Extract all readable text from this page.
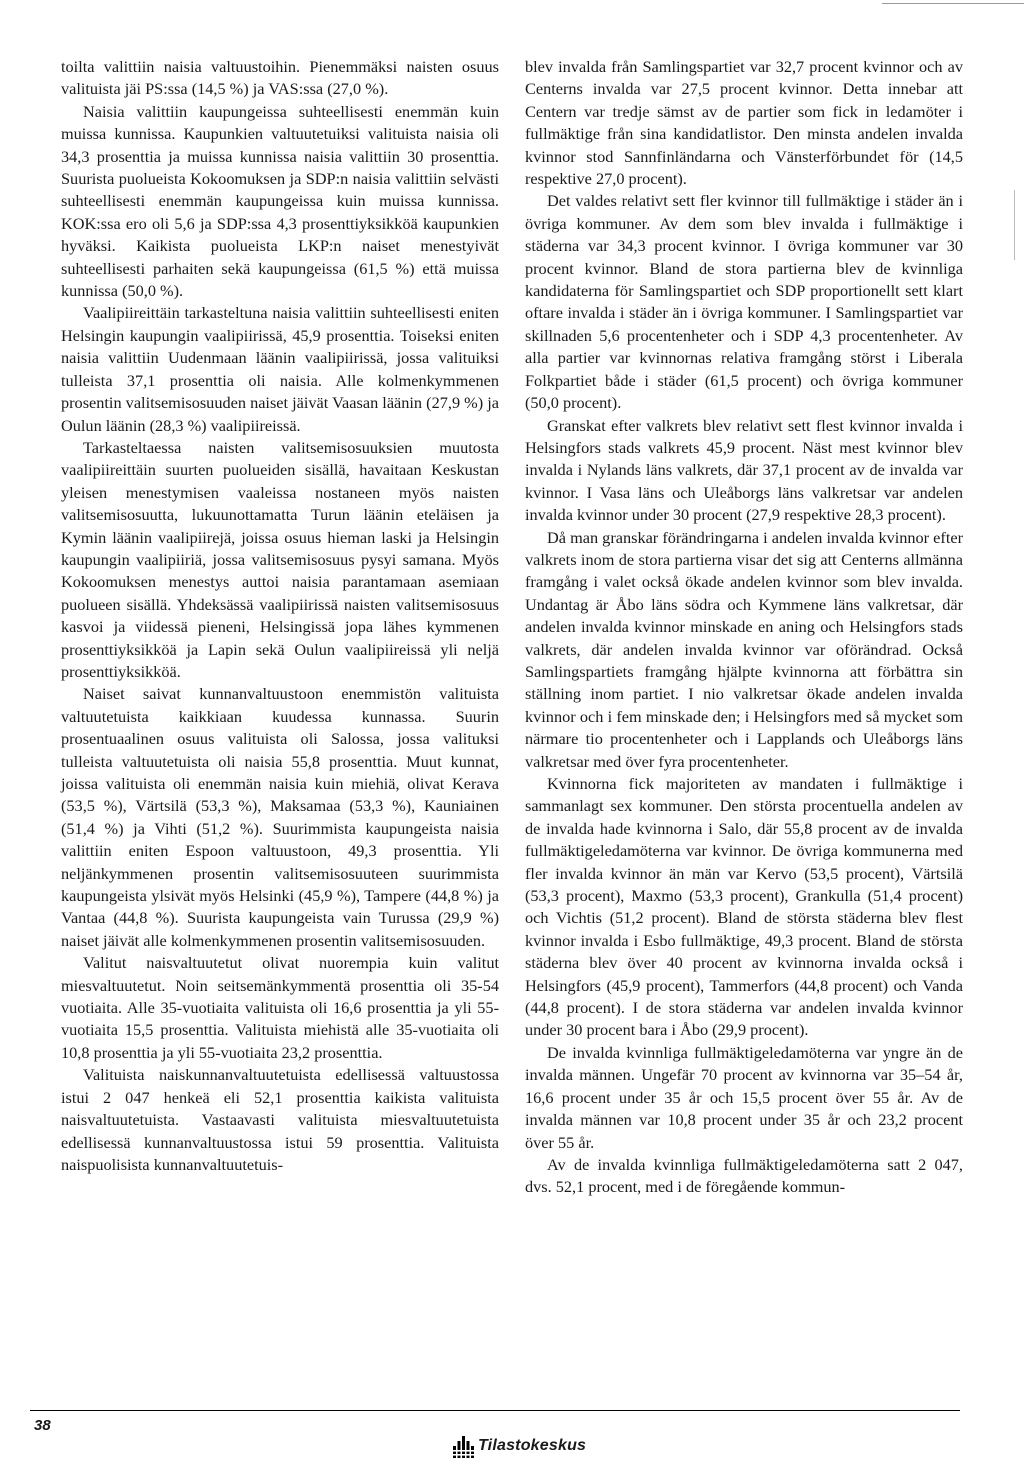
toilta valittiin naisia valtuustoihin. Pienemmäksi naisten osuus valituista jäi PS:ssa (14,5 %) ja VAS:ssa (27,0 %).

Naisia valittiin kaupungeissa suhteellisesti enemmän kuin muissa kunnissa. Kaupunkien valtuutetuiksi valituista naisia oli 34,3 prosenttia ja muissa kunnissa naisia valittiin 30 prosenttia. Suurista puolueista Kokoomuksen ja SDP:n naisia valittiin selvästi suhteellisesti enemmän kaupungeissa kuin muissa kunnissa. KOK:ssa ero oli 5,6 ja SDP:ssa 4,3 prosenttiyksikköä kaupunkien hyväksi. Kaikista puolueista LKP:n naiset menestyivät suhteellisesti parhaiten sekä kaupungeissa (61,5 %) että muissa kunnissa (50,0 %).

Vaalipiireittäin tarkasteltuna naisia valittiin suhteellisesti eniten Helsingin kaupungin vaalipiirissä, 45,9 prosenttia. Toiseksi eniten naisia valittiin Uudenmaan läänin vaalipiirissä, jossa valituiksi tulleista 37,1 prosenttia oli naisia. Alle kolmenkymmenen prosentin valitsemisosuuden naiset jäivät Vaasan läänin (27,9 %) ja Oulun läänin (28,3 %) vaalipiireissä.

Tarkasteltaessa naisten valitsemisosuuksien muutosta vaalipiireittäin suurten puolueiden sisällä, havaitaan Keskustan yleisen menestymisen vaaleissa nostaneen myös naisten valitsemisosuutta, lukuunottamatta Turun läänin eteläisen ja Kymin läänin vaalipiirejä, joissa osuus hieman laski ja Helsingin kaupungin vaalipiiriä, jossa valitsemisosuus pysyi samana. Myös Kokoomuksen menestys auttoi naisia parantamaan asemiaan puolueen sisällä. Yhdeksässä vaalipiirissä naisten valitsemisosuus kasvoi ja viidessä pieneni, Helsingissä jopa lähes kymmenen prosenttiyksikköä ja Lapin sekä Oulun vaalipiireissä yli neljä prosenttiyksikköä.

Naiset saivat kunnanvaltuustoon enemmistön valituista valtuutetuista kaikkiaan kuudessa kunnassa. Suurin prosentuaalinen osuus valituista oli Salossa, jossa valituksi tulleista valtuutetuista oli naisia 55,8 prosenttia. Muut kunnat, joissa valituista oli enemmän naisia kuin miehiä, olivat Kerava (53,5 %), Värtsilä (53,3 %), Maksamaa (53,3 %), Kauniainen (51,4 %) ja Vihti (51,2 %). Suurimmista kaupungeista naisia valittiin eniten Espoon valtuustoon, 49,3 prosenttia. Yli neljänkymmenen prosentin valitsemisosuuteen suurimmista kaupungeista ylsivät myös Helsinki (45,9 %), Tampere (44,8 %) ja Vantaa (44,8 %). Suurista kaupungeista vain Turussa (29,9 %) naiset jäivät alle kolmenkymmenen prosentin valitsemisosuuden.

Valitut naisvaltuutetut olivat nuorempia kuin valitut miesvaltuutetut. Noin seitsemänkymmentä prosenttia oli 35-54 vuotiaita. Alle 35-vuotiaita valituista oli 16,6 prosenttia ja yli 55-vuotiaita 15,5 prosenttia. Valituista miehistä alle 35-vuotiaita oli 10,8 prosenttia ja yli 55-vuotiaita 23,2 prosenttia.

Valituista naiskunnanvaltuutetuista edellisessä valtuustossa istui 2 047 henkeä eli 52,1 prosenttia kaikista valituista naisvaltuutetuista. Vastaavasti valituista miesvaltuutetuista edellisessä kunnanvaltuustossa istui 59 prosenttia. Valituista naispuolisista kunnanvaltuutetuis-

blev invalda från Samlingspartiet var 32,7 procent kvinnor och av Centerns invalda var 27,5 procent kvinnor. Detta innebar att Centern var tredje sämst av de partier som fick in ledamöter i fullmäktige från sina kandidatlistor. Den minsta andelen invalda kvinnor stod Sannfinländarna och Vänsterförbundet för (14,5 respektive 27,0 procent).

Det valdes relativt sett fler kvinnor till fullmäktige i städer än i övriga kommuner. Av dem som blev invalda i fullmäktige i städerna var 34,3 procent kvinnor. I övriga kommuner var 30 procent kvinnor. Bland de stora partierna blev de kvinnliga kandidaterna för Samlingspartiet och SDP proportionellt sett klart oftare invalda i städer än i övriga kommuner. I Samlingspartiet var skillnaden 5,6 procentenheter och i SDP 4,3 procentenheter. Av alla partier var kvinnornas relativa framgång störst i Liberala Folkpartiet både i städer (61,5 procent) och övriga kommuner (50,0 procent).

Granskat efter valkrets blev relativt sett flest kvinnor invalda i Helsingfors stads valkrets 45,9 procent. Näst mest kvinnor blev invalda i Nylands läns valkrets, där 37,1 procent av de invalda var kvinnor. I Vasa läns och Uleåborgs läns valkretsar var andelen invalda kvinnor under 30 procent (27,9 respektive 28,3 procent).

Då man granskar förändringarna i andelen invalda kvinnor efter valkrets inom de stora partierna visar det sig att Centerns allmänna framgång i valet också ökade andelen kvinnor som blev invalda. Undantag är Åbo läns södra och Kymmene läns valkretsar, där andelen invalda kvinnor minskade en aning och Helsingfors stads valkrets, där andelen invalda kvinnor var oförändrad. Också Samlingspartiets framgång hjälpte kvinnorna att förbättra sin ställning inom partiet. I nio valkretsar ökade andelen invalda kvinnor och i fem minskade den; i Helsingfors med så mycket som närmare tio procentenheter och i Lapplands och Uleåborgs läns valkretsar med över fyra procentenheter.

Kvinnorna fick majoriteten av mandaten i fullmäktige i sammanlagt sex kommuner. Den största procentuella andelen av de invalda hade kvinnorna i Salo, där 55,8 procent av de invalda fullmäktigeledamöterna var kvinnor. De övriga kommunerna med fler invalda kvinnor än män var Kervo (53,5 procent), Värtsilä (53,3 procent), Maxmo (53,3 procent), Grankulla (51,4 procent) och Vichtis (51,2 procent). Bland de största städerna blev flest kvinnor invalda i Esbo fullmäktige, 49,3 procent. Bland de största städerna blev över 40 procent av kvinnorna invalda också i Helsingfors (45,9 procent), Tammerfors (44,8 procent) och Vanda (44,8 procent). I de stora städerna var andelen invalda kvinnor under 30 procent bara i Åbo (29,9 procent).

De invalda kvinnliga fullmäktigeledamöterna var yngre än de invalda männen. Ungefär 70 procent av kvinnorna var 35–54 år, 16,6 procent under 35 år och 15,5 procent över 55 år. Av de invalda männen var 10,8 procent under 35 år och 23,2 procent över 55 år.

Av de invalda kvinnliga fullmäktigeledamöterna satt 2 047, dvs. 52,1 procent, med i de föregående kommun-

38
Tilastokeskus
